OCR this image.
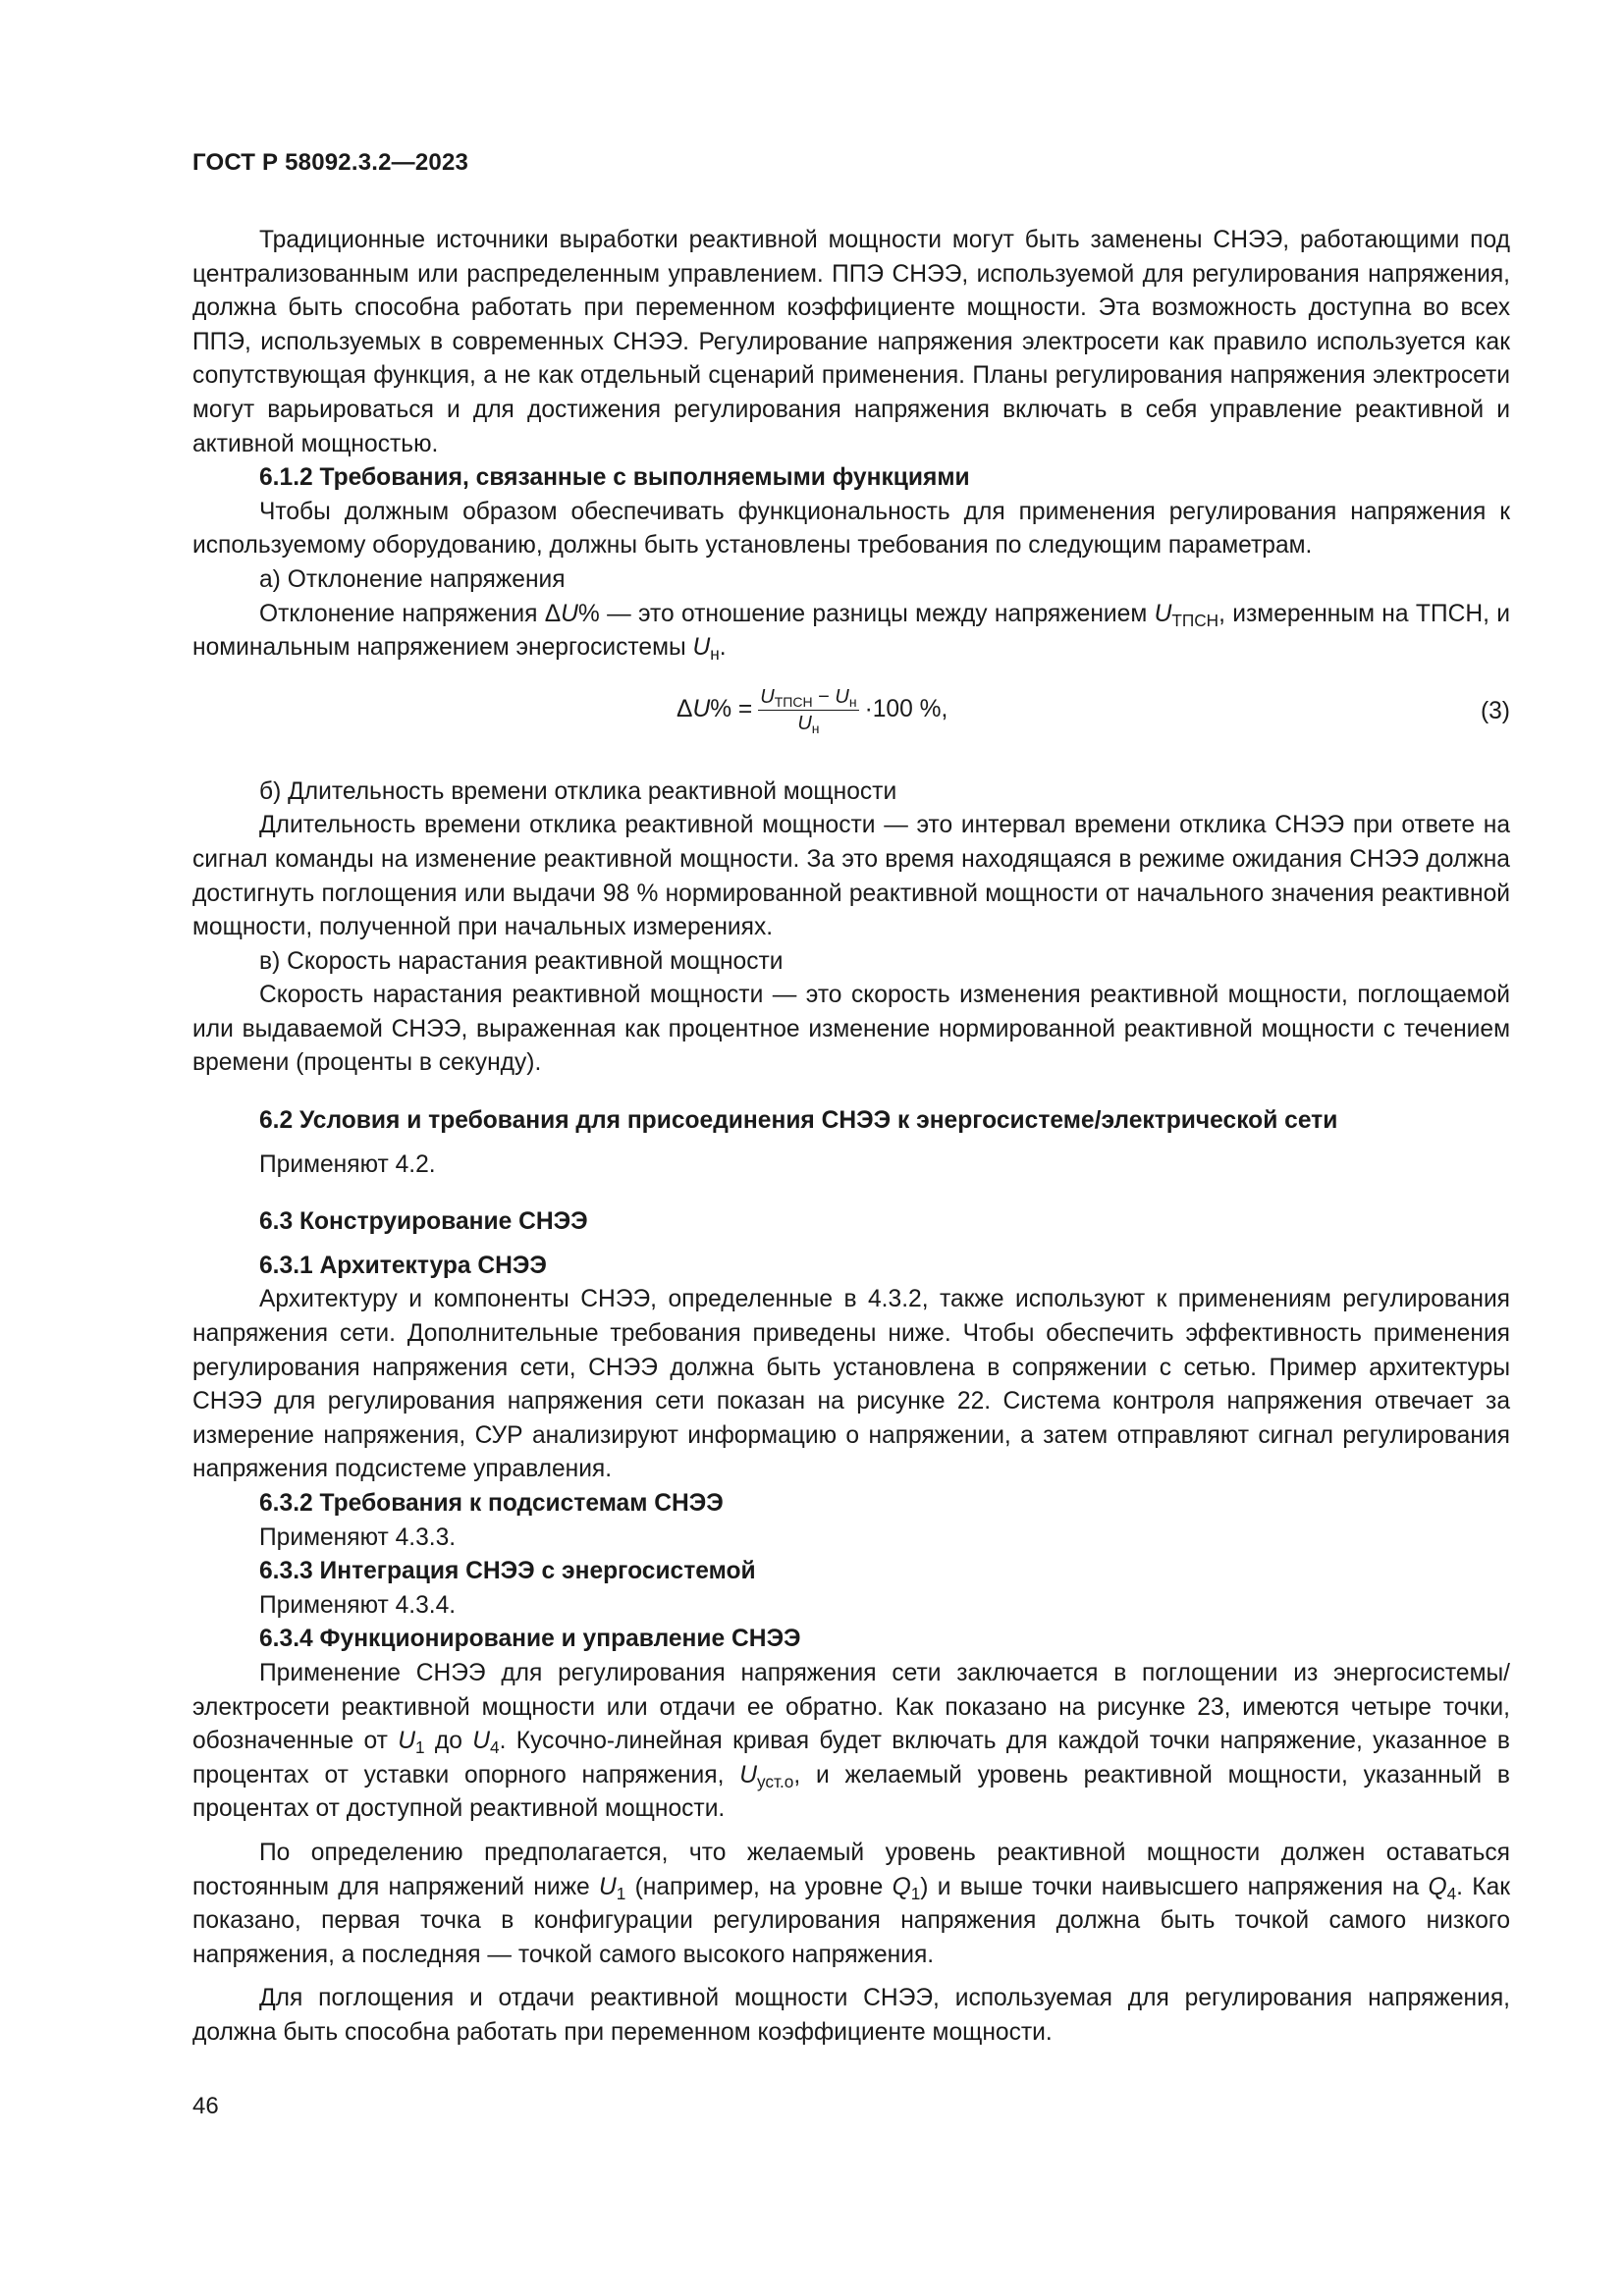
ГОСТ Р 58092.3.2—2023

Традиционные источники выработки реактивной мощности могут быть заменены СНЭЭ, работающими под централизованным или распределенным управлением. ППЭ СНЭЭ, используемой для регулирования напряжения, должна быть способна работать при переменном коэффициенте мощности. Эта возможность доступна во всех ППЭ, используемых в современных СНЭЭ. Регулирование напряжения электросети как правило используется как сопутствующая функция, а не как отдельный сценарий применения. Планы регулирования напряжения электросети могут варьироваться и для достижения регулирования напряжения включать в себя управление реактивной и активной мощностью.

6.1.2 Требования, связанные с выполняемыми функциями

Чтобы должным образом обеспечивать функциональность для применения регулирования напряжения к используемому оборудованию, должны быть установлены требования по следующим параметрам.

а) Отклонение напряжения

Отклонение напряжения ΔU% — это отношение разницы между напряжением $U_{ТПСН}$, измеренным на ТПСН, и номинальным напряжением энергосистемы $U_н$.

Δ U % = $\frac{U_{ТПСН} - U_н}{U_н} \cdot 100$ %,	(3)

б) Длительность времени отклика реактивной мощности

Длительность времени отклика реактивной мощности — это интервал времени отклика СНЭЭ при ответе на сигнал команды на изменение реактивной мощности. За это время находящаяся в режиме ожидания СНЭЭ должна достигнуть поглощения или выдачи 98 % нормированной реактивной мощности от начального значения реактивной мощности, полученной при начальных измерениях.

в) Скорость нарастания реактивной мощности

Скорость нарастания реактивной мощности — это скорость изменения реактивной мощности, поглощаемой или выдаваемой СНЭЭ, выраженная как процентное изменение нормированной реактивной мощности с течением времени (проценты в секунду).

6.2 Условия и требования для присоединения СНЭЭ к энергосистеме/электрической сети

Применяют 4.2.

6.3 Конструирование СНЭЭ

6.3.1 Архитектура СНЭЭ

Архитектуру и компоненты СНЭЭ, определенные в 4.3.2, также используют к применениям регулирования напряжения сети. Дополнительные требования приведены ниже. Чтобы обеспечить эффективность применения регулирования напряжения сети, СНЭЭ должна быть установлена в сопряжении с сетью. Пример архитектуры СНЭЭ для регулирования напряжения сети показан на рисунке 22. Система контроля напряжения отвечает за измерение напряжения, СУР анализируют информацию о напряжении, а затем отправляют сигнал регулирования напряжения подсистеме управления.

6.3.2 Требования к подсистемам СНЭЭ

Применяют 4.3.3.

6.3.3 Интеграция СНЭЭ с энергосистемой

Применяют 4.3.4.

6.3.4 Функционирование и управление СНЭЭ

Применение СНЭЭ для регулирования напряжения сети заключается в поглощении из энергосистемы/электросети реактивной мощности или отдачи ее обратно. Как показано на рисунке 23, имеются четыре точки, обозначенные от $U_1$ до $U_4$. Кусочно-линейная кривая будет включать для каждой точки напряжение, указанное в процентах от уставки опорного напряжения, $U_{уст.о}$, и желаемый уровень реактивной мощности, указанный в процентах от доступной реактивной мощности.

По определению предполагается, что желаемый уровень реактивной мощности должен оставаться постоянным для напряжений ниже $U_1$ (например, на уровне $Q_1$) и выше точки наивысшего напряжения на $Q_4$. Как показано, первая точка в конфигурации регулирования напряжения должна быть точкой самого низкого напряжения, а последняя — точкой самого высокого напряжения.

Для поглощения и отдачи реактивной мощности СНЭЭ, используемая для регулирования напряжения, должна быть способна работать при переменном коэффициенте мощности.

46
